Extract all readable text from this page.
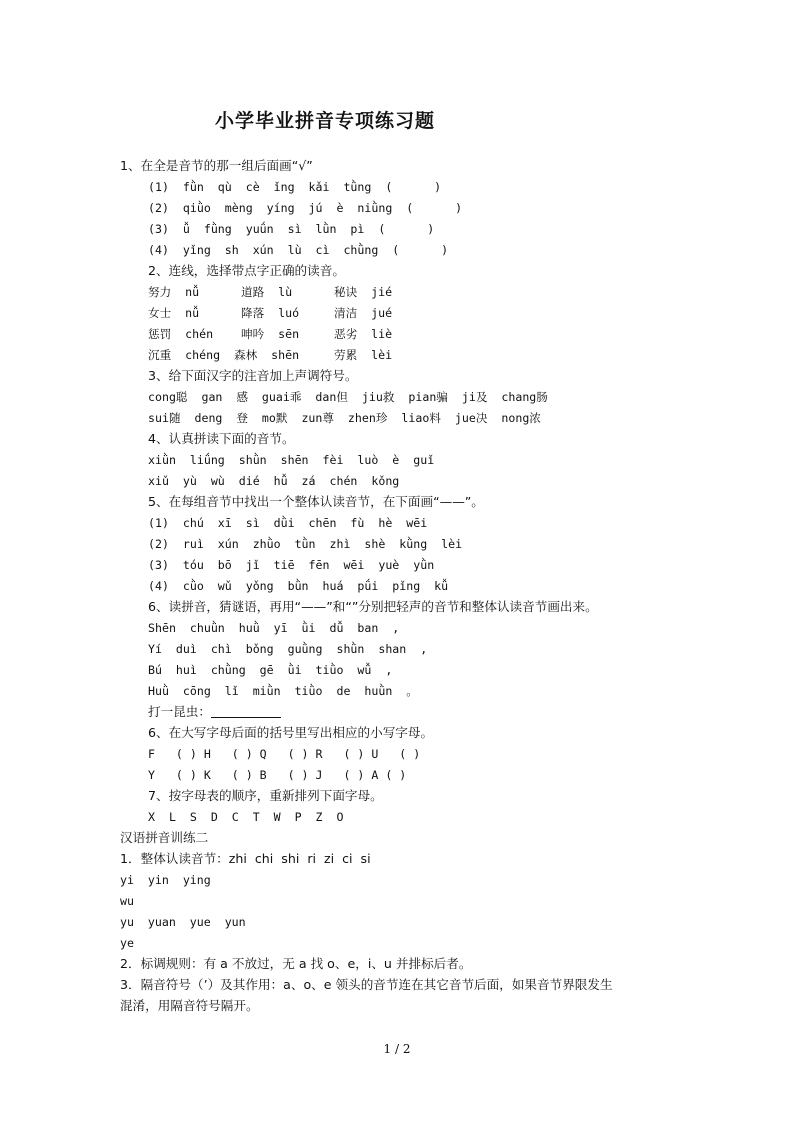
小学毕业拼音专项练习题
1、在全是音节的那一组后面画“√”
(1)  fǜn  qù  cè  ǐng  kǎi  tǜng  (      )
(2)  qiǜo  mèng  yíng  jú  è  niǜng  (      )
(3)  ǚ  fǜng  yuǘn  sì  lǜn  pì  (      )
(4)  yǐng  sh  xún  lù  cì  chǜng  (      )
2、连线，选择带点字正确的读音。
努力  nǚ      道路  lù      秘诀  jié
女士  nǚ      降落  luó     清洁  jué
惩罚  chén    呻吟  sēn     恶劣  liè
沉重  chéng  森林  shēn     劳累  lèi
3、给下面汉字的注音加上声调符号。
cong聪  gan  感  guai乖  dan但  jiu救  pian骗  ji及  chang肠
sui随  deng  登  mo默  zun尊  zhen珍  liao料  jue决  nong浓
4、认真拼读下面的音节。
xiǜn  liǘng  shǜn  shēn  fèi  luò  è  guǐ
xiǔ  yù  wù  dié  hǚ  zá  chén  kǒng
5、在每组音节中找出一个整体认读音节，在下面画“——”。
(1)  chú  xī  sì  dǜi  chēn  fù  hè  wēi
(2)  ruì  xún  zhǜo  tǜn  zhì  shè  kǜng  lèi
(3)  tóu  bō  jǐ  tiē  fēn  wēi  yuè  yǜn
(4)  cǜo  wǔ  yǒng  bǜn  huá  pǘi  pǐng  kǚ
6、读拼音，猜谜语，再用“——”和“”分别把轻声的音节和整体认读音节画出来。
Shēn  chuǜn  huǜ  yī  ǜi  dǚ  ban  ,
Yí  duì  chì  bǒng  guǜng  shǜn  shan  ,
Bú  huì  chǜng  gē  ǜi  tiǜo  wǚ  ,
Huǜ  cōng  lǐ  miǜn  tiǜo  de  huǜn  。
打一昆虫：
6、在大写字母后面的括号里写出相应的小写字母。
F   ( ) H   ( ) Q   ( ) R   ( ) U   ( )
Y   ( ) K   ( ) B   ( ) J   ( ) A ( )
7、按字母表的顺序，重新排列下面字母。
X  L  S  D  C  T  W  P  Z  O
汉语拼音训练二
1．整体认读音节：zhi  chi  shi  ri  zi  ci  si
yi  yin  ying
wu
yu  yuan  yue  yun
ye
2．标调规则：有 a 不放过，无 a 找 o、e，i、u 并排标后者。
3．隔音符号（’）及其作用：a、o、e 领头的音节连在其它音节后面，如果音节界限发生
混淆，用隔音符号隔开。
1 / 2
